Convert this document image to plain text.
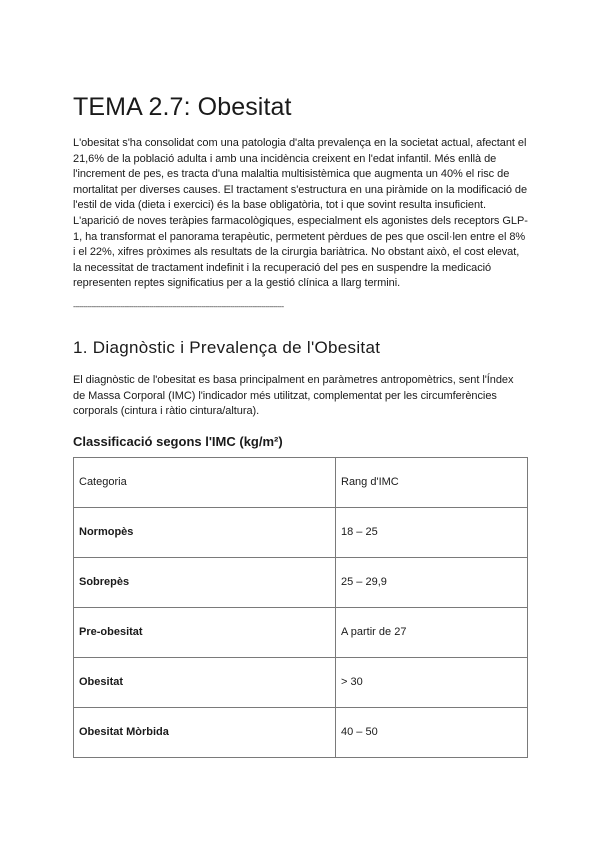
TEMA 2.7: Obesitat

L'obesitat s'ha consolidat com una patologia d'alta prevalença en la societat actual, afectant el 21,6% de la població adulta i amb una incidència creixent en l'edat infantil. Més enllà de l'increment de pes, es tracta d'una malaltia multisistèmica que augmenta un 40% el risc de mortalitat per diverses causes. El tractament s'estructura en una piràmide on la modificació de l'estil de vida (dieta i exercici) és la base obligatòria, tot i que sovint resulta insuficient. L'aparició de noves teràpies farmacològiques, especialment els agonistes dels receptors GLP-1, ha transformat el panorama terapèutic, permetent pèrdues de pes que oscil·len entre el 8% i el 22%, xifres pròximes als resultats de la cirurgia bariàtrica. No obstant això, el cost elevat, la necessitat de tractament indefinit i la recuperació del pes en suspendre la medicació representen reptes significatius per a la gestió clínica a llarg termini.

------------------------------------------------------------------------------------------------------
1. Diagnòstic i Prevalença de l'Obesitat

El diagnòstic de l'obesitat es basa principalment en paràmetres antropomètrics, sent l'Índex de Massa Corporal (IMC) l'indicador més utilitzat, complementat per les circumferències corporals (cintura i ràtio cintura/altura).

Classificació segons l'IMC (kg/m²)
Categoria	Rang d'IMC
Normopès	18 – 25
Sobrepès	25 – 29,9
Pre-obesitat	A partir de 27
Obesitat	> 30
Obesitat Mòrbida	40 – 50
